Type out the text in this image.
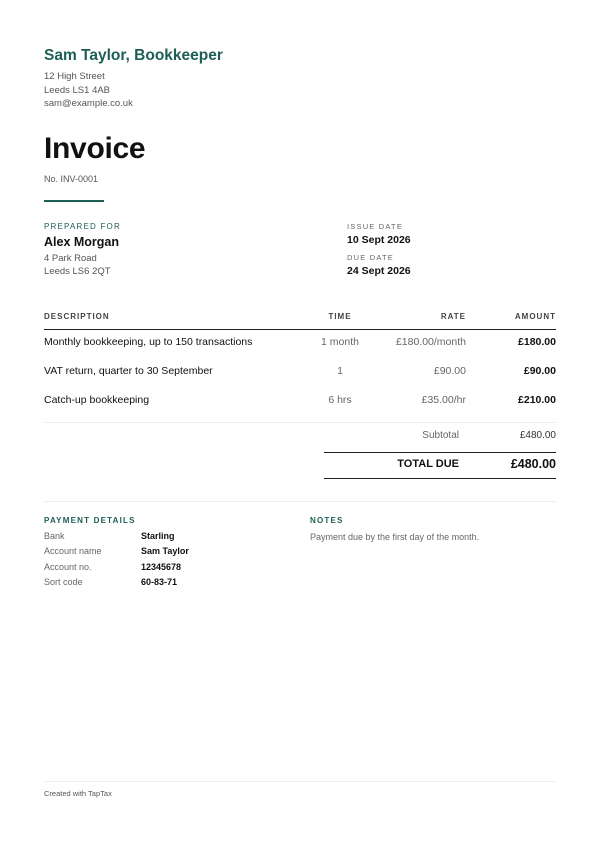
Sam Taylor, Bookkeeper
12 High Street
Leeds LS1 4AB
sam@example.co.uk
Invoice
No. INV-0001
PREPARED FOR
Alex Morgan
4 Park Road
Leeds LS6 2QT
ISSUE DATE
10 Sept 2026
DUE DATE
24 Sept 2026
DESCRIPTION	TIME	RATE	AMOUNT
Monthly bookkeeping, up to 150 transactions	1 month	£180.00/month	£180.00
VAT return, quarter to 30 September	1	£90.00	£90.00
Catch-up bookkeeping	6 hrs	£35.00/hr	£210.00
Subtotal	£480.00
TOTAL DUE	£480.00
PAYMENT DETAILS
Bank	Starling
Account name	Sam Taylor
Account no.	12345678
Sort code	60-83-71
NOTES
Payment due by the first day of the month.
Created with TapTax
